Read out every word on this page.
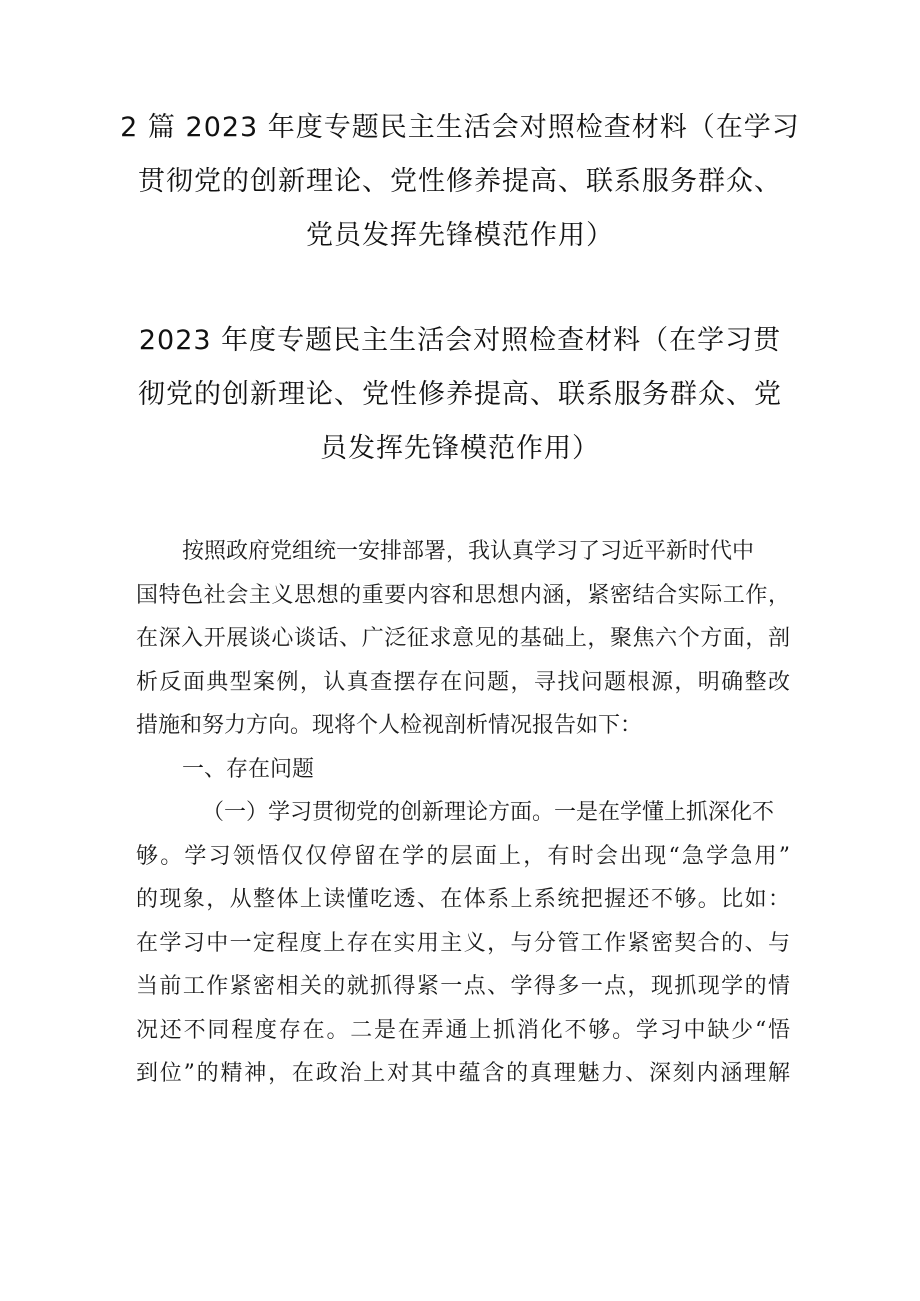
2 篇 2023 年度专题民主生活会对照检查材料（在学习
贯彻党的创新理论、党性修养提高、联系服务群众、
党员发挥先锋模范作用）
2023 年度专题民主生活会对照检查材料（在学习贯
彻党的创新理论、党性修养提高、联系服务群众、党
员发挥先锋模范作用）
按照政府党组统一安排部署，我认真学习了习近平新时代中
国特色社会主义思想的重要内容和思想内涵，紧密结合实际工作，
在深入开展谈心谈话、广泛征求意见的基础上，聚焦六个方面，剖
析反面典型案例，认真查摆存在问题，寻找问题根源，明确整改
措施和努力方向。现将个人检视剖析情况报告如下：
一、存在问题
（一）学习贯彻党的创新理论方面。一是在学懂上抓深化不
够。学习领悟仅仅停留在学的层面上，有时会出现“急学急用”
的现象，从整体上读懂吃透、在体系上系统把握还不够。比如：
在学习中一定程度上存在实用主义，与分管工作紧密契合的、与
当前工作紧密相关的就抓得紧一点、学得多一点，现抓现学的情
况还不同程度存在。二是在弄通上抓消化不够。学习中缺少“悟
到位”的精神，在政治上对其中蕴含的真理魅力、深刻内涵理解
